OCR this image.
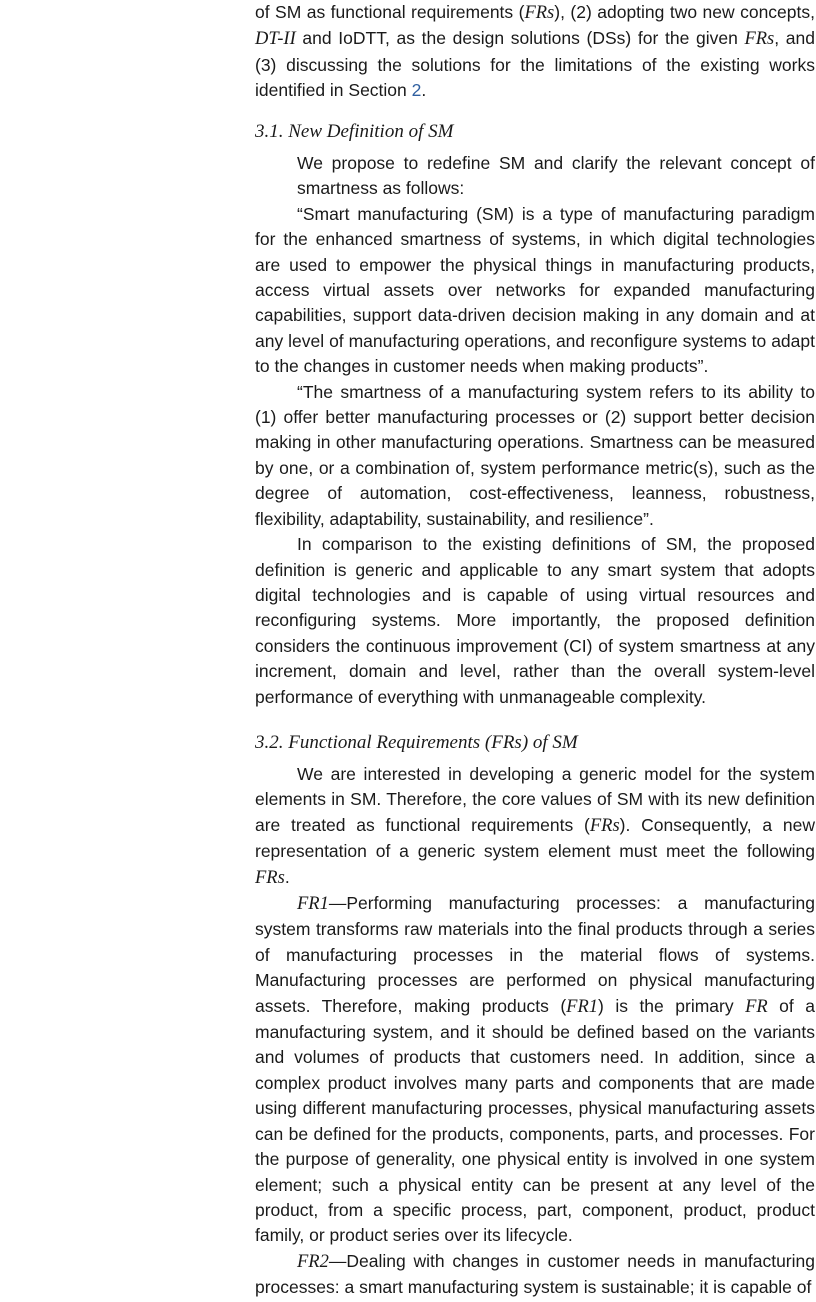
of SM as functional requirements (FRs), (2) adopting two new concepts, DT-II and IoDTT, as the design solutions (DSs) for the given FRs, and (3) discussing the solutions for the limitations of the existing works identified in Section 2.

3.1. New Definition of SM

We propose to redefine SM and clarify the relevant concept of smartness as follows:

“Smart manufacturing (SM) is a type of manufacturing paradigm for the enhanced smartness of systems, in which digital technologies are used to empower the physical things in manufacturing products, access virtual assets over networks for expanded manufacturing capabilities, support data-driven decision making in any domain and at any level of manufacturing operations, and reconfigure systems to adapt to the changes in customer needs when making products”.

“The smartness of a manufacturing system refers to its ability to (1) offer better manufacturing processes or (2) support better decision making in other manufacturing operations. Smartness can be measured by one, or a combination of, system performance metric(s), such as the degree of automation, cost-effectiveness, leanness, robustness, flexibility, adaptability, sustainability, and resilience”.

In comparison to the existing definitions of SM, the proposed definition is generic and applicable to any smart system that adopts digital technologies and is capable of using virtual resources and reconfiguring systems. More importantly, the proposed definition considers the continuous improvement (CI) of system smartness at any increment, domain and level, rather than the overall system-level performance of everything with unmanageable complexity.

3.2. Functional Requirements (FRs) of SM

We are interested in developing a generic model for the system elements in SM. Therefore, the core values of SM with its new definition are treated as functional requirements (FRs). Consequently, a new representation of a generic system element must meet the following FRs.

FR1—Performing manufacturing processes: a manufacturing system transforms raw materials into the final products through a series of manufacturing processes in the material flows of systems. Manufacturing processes are performed on physical manufacturing assets. Therefore, making products (FR1) is the primary FR of a manufacturing system, and it should be defined based on the variants and volumes of products that customers need. In addition, since a complex product involves many parts and components that are made using different manufacturing processes, physical manufacturing assets can be defined for the products, components, parts, and processes. For the purpose of generality, one physical entity is involved in one system element; such a physical entity can be present at any level of the product, from a specific process, part, component, product, product family, or product series over its lifecycle.

FR2—Dealing with changes in customer needs in manufacturing processes: a smart manufacturing system is sustainable; it is capable of
